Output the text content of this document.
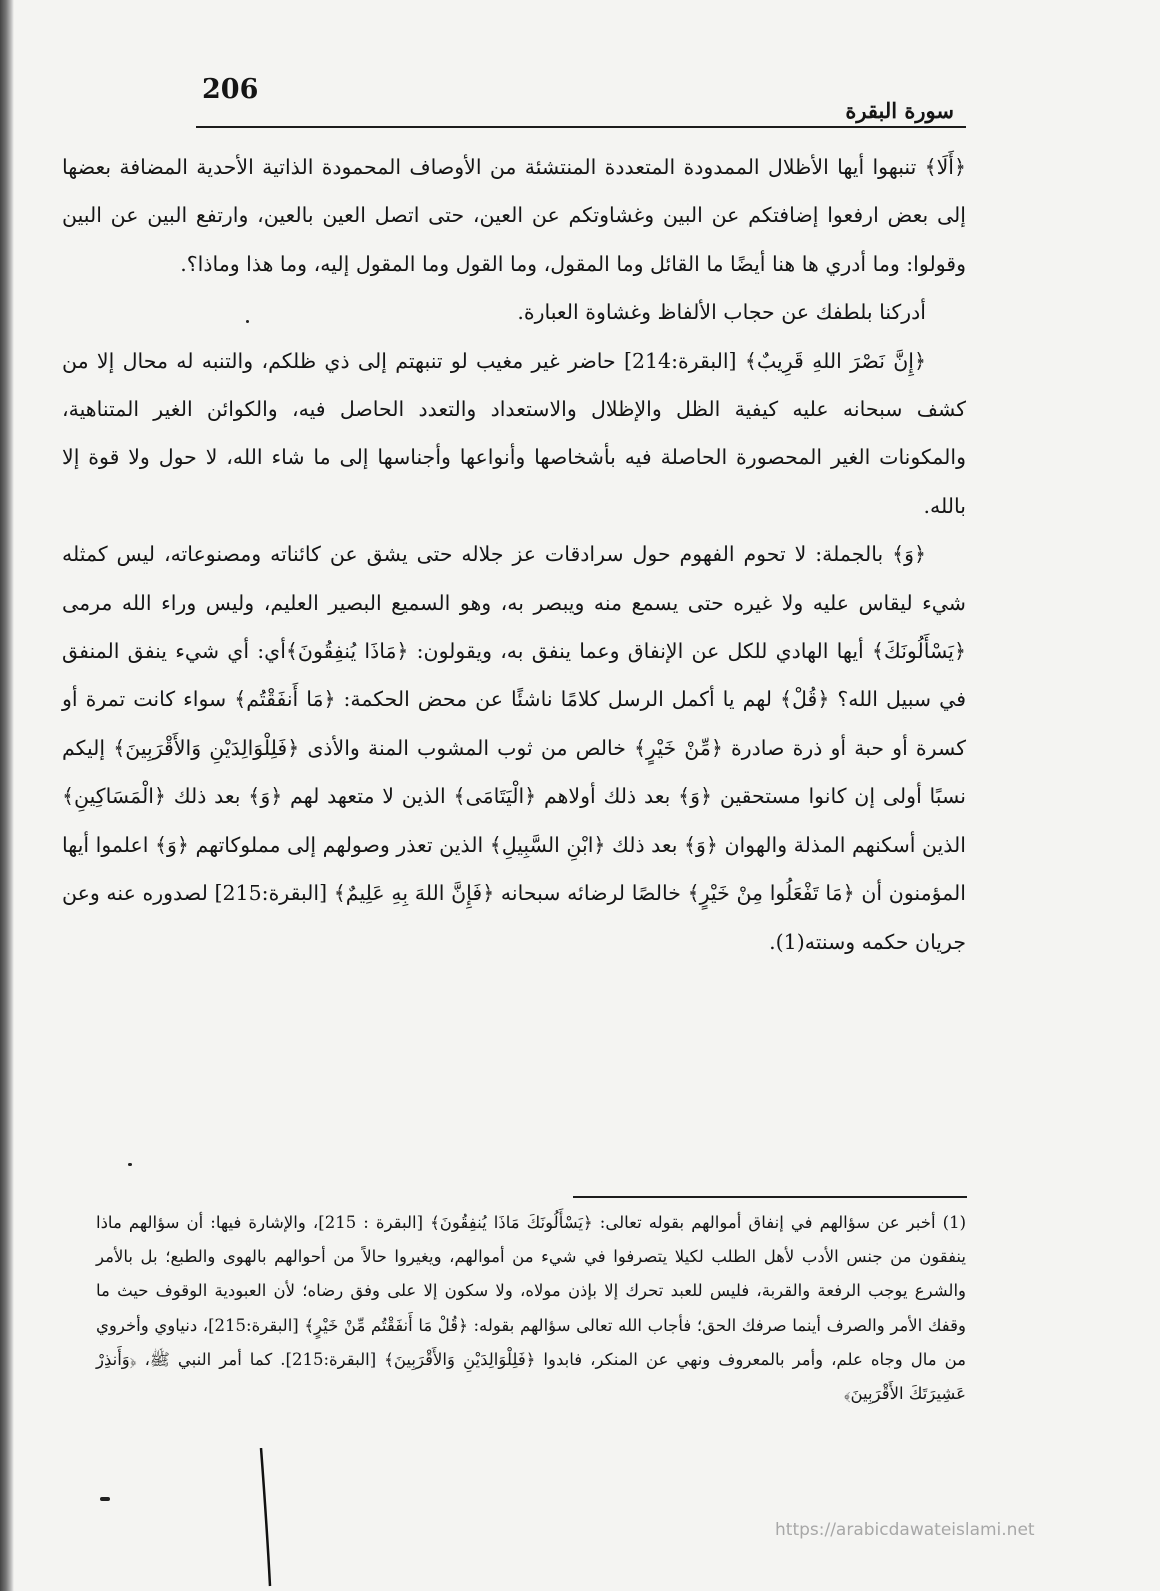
206
سورة البقرة

﴿أَلَا﴾ تنبهوا أيها الأظلال الممدودة المتعددة المنتشئة من الأوصاف المحمودة الذاتية الأحدية المضافة بعضها إلى بعض ارفعوا إضافتكم عن البين وغشاوتكم عن العين، حتى اتصل العين بالعين، وارتفع البين عن البين وقولوا: وما أدري ها هنا أيضًا ما القائل وما المقول، وما القول وما المقول إليه، وما هذا وماذا؟.

أدركنا بلطفك عن حجاب الألفاظ وغشاوة العبارة.

﴿إِنَّ نَصْرَ اللهِ قَرِيبٌ﴾ [البقرة:214] حاضر غير مغيب لو تنبهتم إلى ذي ظلكم، والتنبه له محال إلا من كشف سبحانه عليه كيفية الظل والإظلال والاستعداد والتعدد الحاصل فيه، والكوائن الغير المتناهية، والمكونات الغير المحصورة الحاصلة فيه بأشخاصها وأنواعها وأجناسها إلى ما شاء الله، لا حول ولا قوة إلا بالله.

﴿وَ﴾ بالجملة: لا تحوم الفهوم حول سرادقات عز جلاله حتى يشق عن كائناته ومصنوعاته، ليس كمثله شيء ليقاس عليه ولا غيره حتى يسمع منه ويبصر به، وهو السميع البصير العليم، وليس وراء الله مرمى ﴿يَسْأَلُونَكَ﴾ أيها الهادي للكل عن الإنفاق وعما ينفق به، ويقولون: ﴿مَاذَا يُنفِقُونَ﴾أي: أي شيء ينفق المنفق في سبيل الله؟ ﴿قُلْ﴾ لهم يا أكمل الرسل كلامًا ناشئًا عن محض الحكمة: ﴿مَا أَنفَقْتُم﴾ سواء كانت تمرة أو كسرة أو حبة أو ذرة صادرة ﴿مِّنْ خَيْرٍ﴾ خالص من ثوب المشوب المنة والأذى ﴿فَلِلْوَالِدَيْنِ وَالأَقْرَبِينَ﴾ إليكم نسبًا أولى إن كانوا مستحقين ﴿وَ﴾ بعد ذلك أولاهم ﴿الْيَتَامَى﴾ الذين لا متعهد لهم ﴿وَ﴾ بعد ذلك ﴿الْمَسَاكِينِ﴾ الذين أسكنهم المذلة والهوان ﴿وَ﴾ بعد ذلك ﴿ابْنِ السَّبِيلِ﴾ الذين تعذر وصولهم إلى مملوكاتهم ﴿وَ﴾ اعلموا أيها المؤمنون أن ﴿مَا تَفْعَلُوا مِنْ خَيْرٍ﴾ خالصًا لرضائه سبحانه ﴿فَإِنَّ اللهَ بِهِ عَلِيمٌ﴾ [البقرة:215] لصدوره عنه وعن جريان حكمه وسنته(1).

(1) أخبر عن سؤالهم في إنفاق أموالهم بقوله تعالى: ﴿يَسْأَلُونَكَ مَاذَا يُنفِقُونَ﴾ [البقرة : 215]، والإشارة فيها: أن سؤالهم ماذا ينفقون من جنس الأدب لأهل الطلب لكيلا يتصرفوا في شيء من أموالهم، ويغيروا حالاً من أحوالهم بالهوى والطبع؛ بل بالأمر والشرع يوجب الرفعة والقربة، فليس للعبد تحرك إلا بإذن مولاه، ولا سكون إلا على وفق رضاه؛ لأن العبودية الوقوف حيث ما وقفك الأمر والصرف أينما صرفك الحق؛ فأجاب الله تعالى سؤالهم بقوله: ﴿قُلْ مَا أَنفَقْتُم مِّنْ خَيْرٍ﴾ [البقرة:215]، دنياوي وأخروي من مال وجاه علم، وأمر بالمعروف ونهي عن المنكر، فابدوا ﴿فَلِلْوَالِدَيْنِ وَالأَقْرَبِينَ﴾ [البقرة:215]. كما أمر النبي ﷺ، ﴿وَأَنذِرْ عَشِيرَتَكَ الأَقْرَبِينَ﴾

https://arabicdawateislami.net
